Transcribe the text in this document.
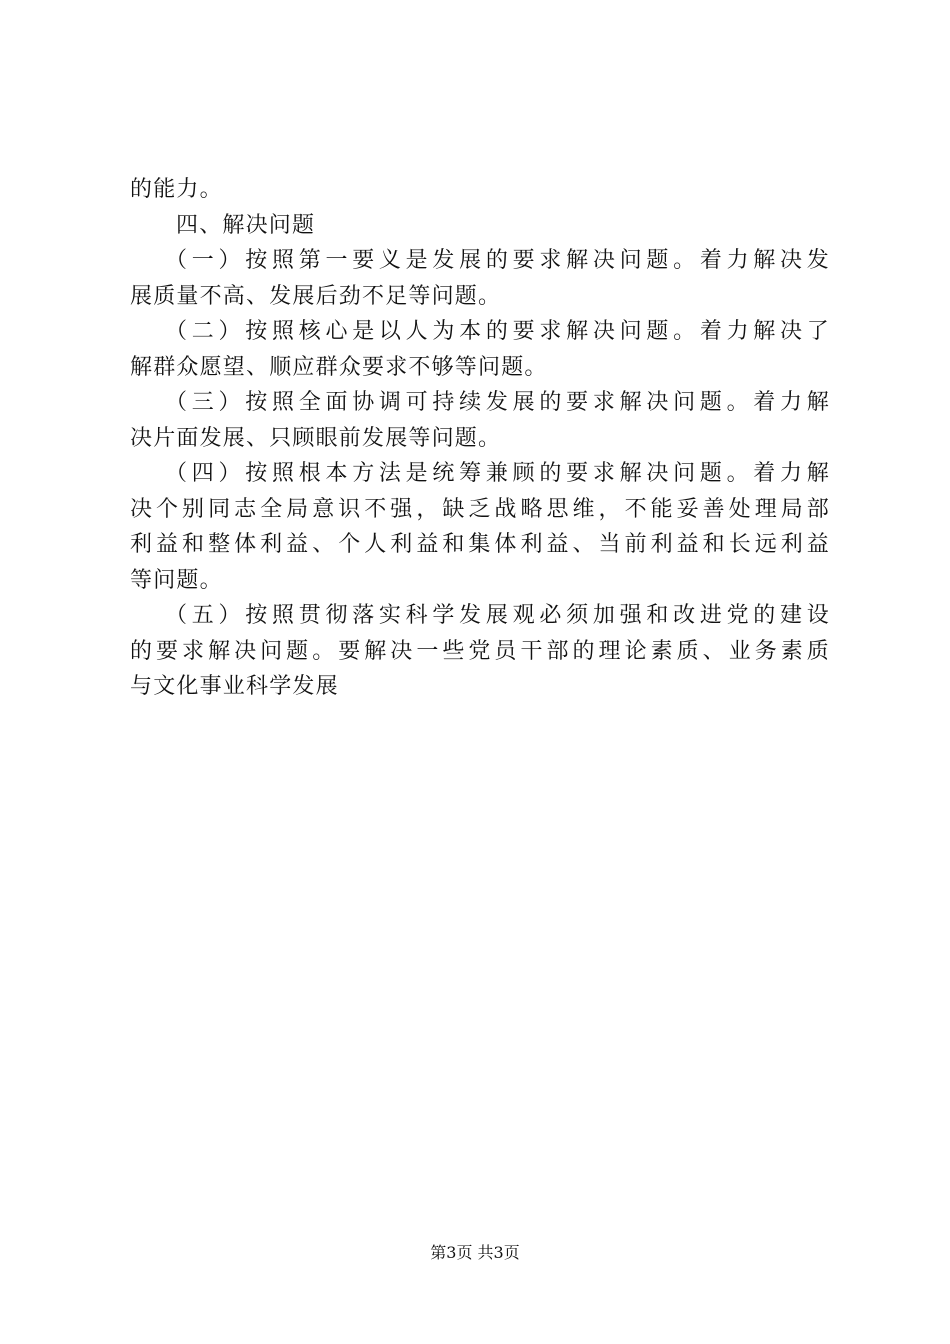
的能力。
四、解决问题
（一）按照第一要义是发展的要求解决问题。着力解决发
展质量不高、发展后劲不足等问题。
（二）按照核心是以人为本的要求解决问题。着力解决了
解群众愿望、顺应群众要求不够等问题。
（三）按照全面协调可持续发展的要求解决问题。着力解
决片面发展、只顾眼前发展等问题。
（四）按照根本方法是统筹兼顾的要求解决问题。着力解
决个别同志全局意识不强，缺乏战略思维，不能妥善处理局部
利益和整体利益、个人利益和集体利益、当前利益和长远利益
等问题。
（五）按照贯彻落实科学发展观必须加强和改进党的建设
的要求解决问题。要解决一些党员干部的理论素质、业务素质
与文化事业科学发展
第3页 共3页
